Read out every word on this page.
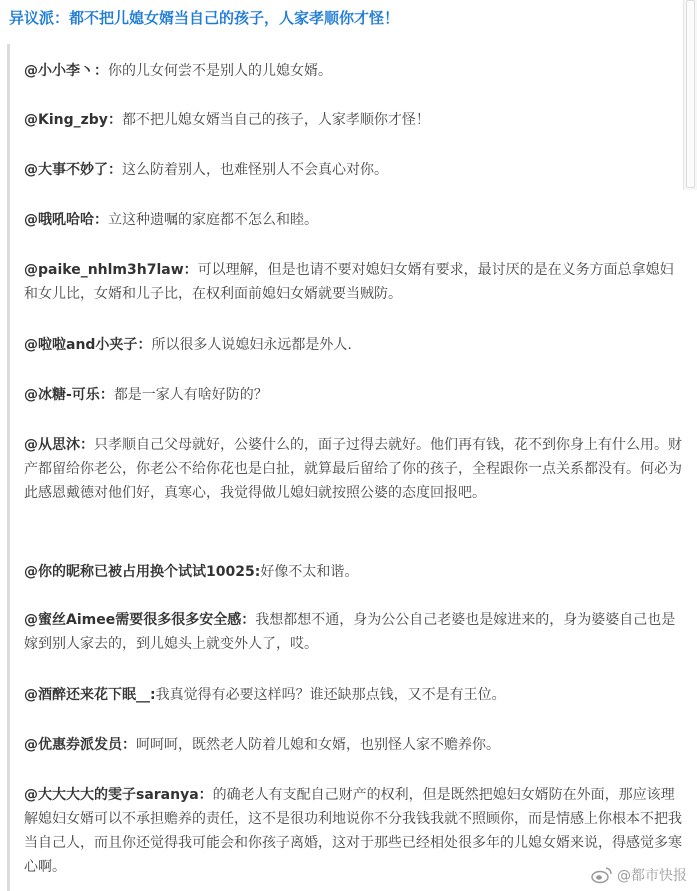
异议派：都不把儿媳女婿当自己的孩子，人家孝顺你才怪！
@小小李丶：你的儿女何尝不是别人的儿媳女婿。
@King_zby：都不把儿媳女婿当自己的孩子，人家孝顺你才怪！
@大事不妙了：这么防着别人，也难怪别人不会真心对你。
@哦吼哈哈：立这种遗嘱的家庭都不怎么和睦。
@paike_nhlm3h7law：可以理解，但是也请不要对媳妇女婿有要求，最讨厌的是在义务方面总拿媳妇和女儿比，女婿和儿子比，在权利面前媳妇女婿就要当贼防。
@啦啦and小夹子：所以很多人说媳妇永远都是外人.
@冰糖-可乐：都是一家人有啥好防的？
@从思沐：只孝顺自己父母就好，公婆什么的，面子过得去就好。他们再有钱，花不到你身上有什么用。财产都留给你老公，你老公不给你花也是白扯，就算最后留给了你的孩子，全程跟你一点关系都没有。何必为此感恩戴德对他们好，真寒心，我觉得做儿媳妇就按照公婆的态度回报吧。
@你的昵称已被占用换个试试10025:好像不太和谐。
@蜜丝Aimee需要很多很多安全感：我想都想不通，身为公公自己老婆也是嫁进来的，身为婆婆自己也是嫁到别人家去的，到儿媳头上就变外人了，哎。
@酒醉还来花下眠__:我真觉得有必要这样吗？谁还缺那点钱，又不是有王位。
@优惠券派发员：呵呵呵，既然老人防着儿媳和女婿，也别怪人家不赡养你。
@大大大大的雯子saranya：的确老人有支配自己财产的权利，但是既然把媳妇女婿防在外面，那应该理解媳妇女婿可以不承担赡养的责任，这不是很功利地说你不分我钱我就不照顾你，而是情感上你根本不把我当自己人，而且你还觉得我可能会和你孩子离婚，这对于那些已经相处很多年的儿媳女婿来说，得感觉多寒心啊。
@都市快报
